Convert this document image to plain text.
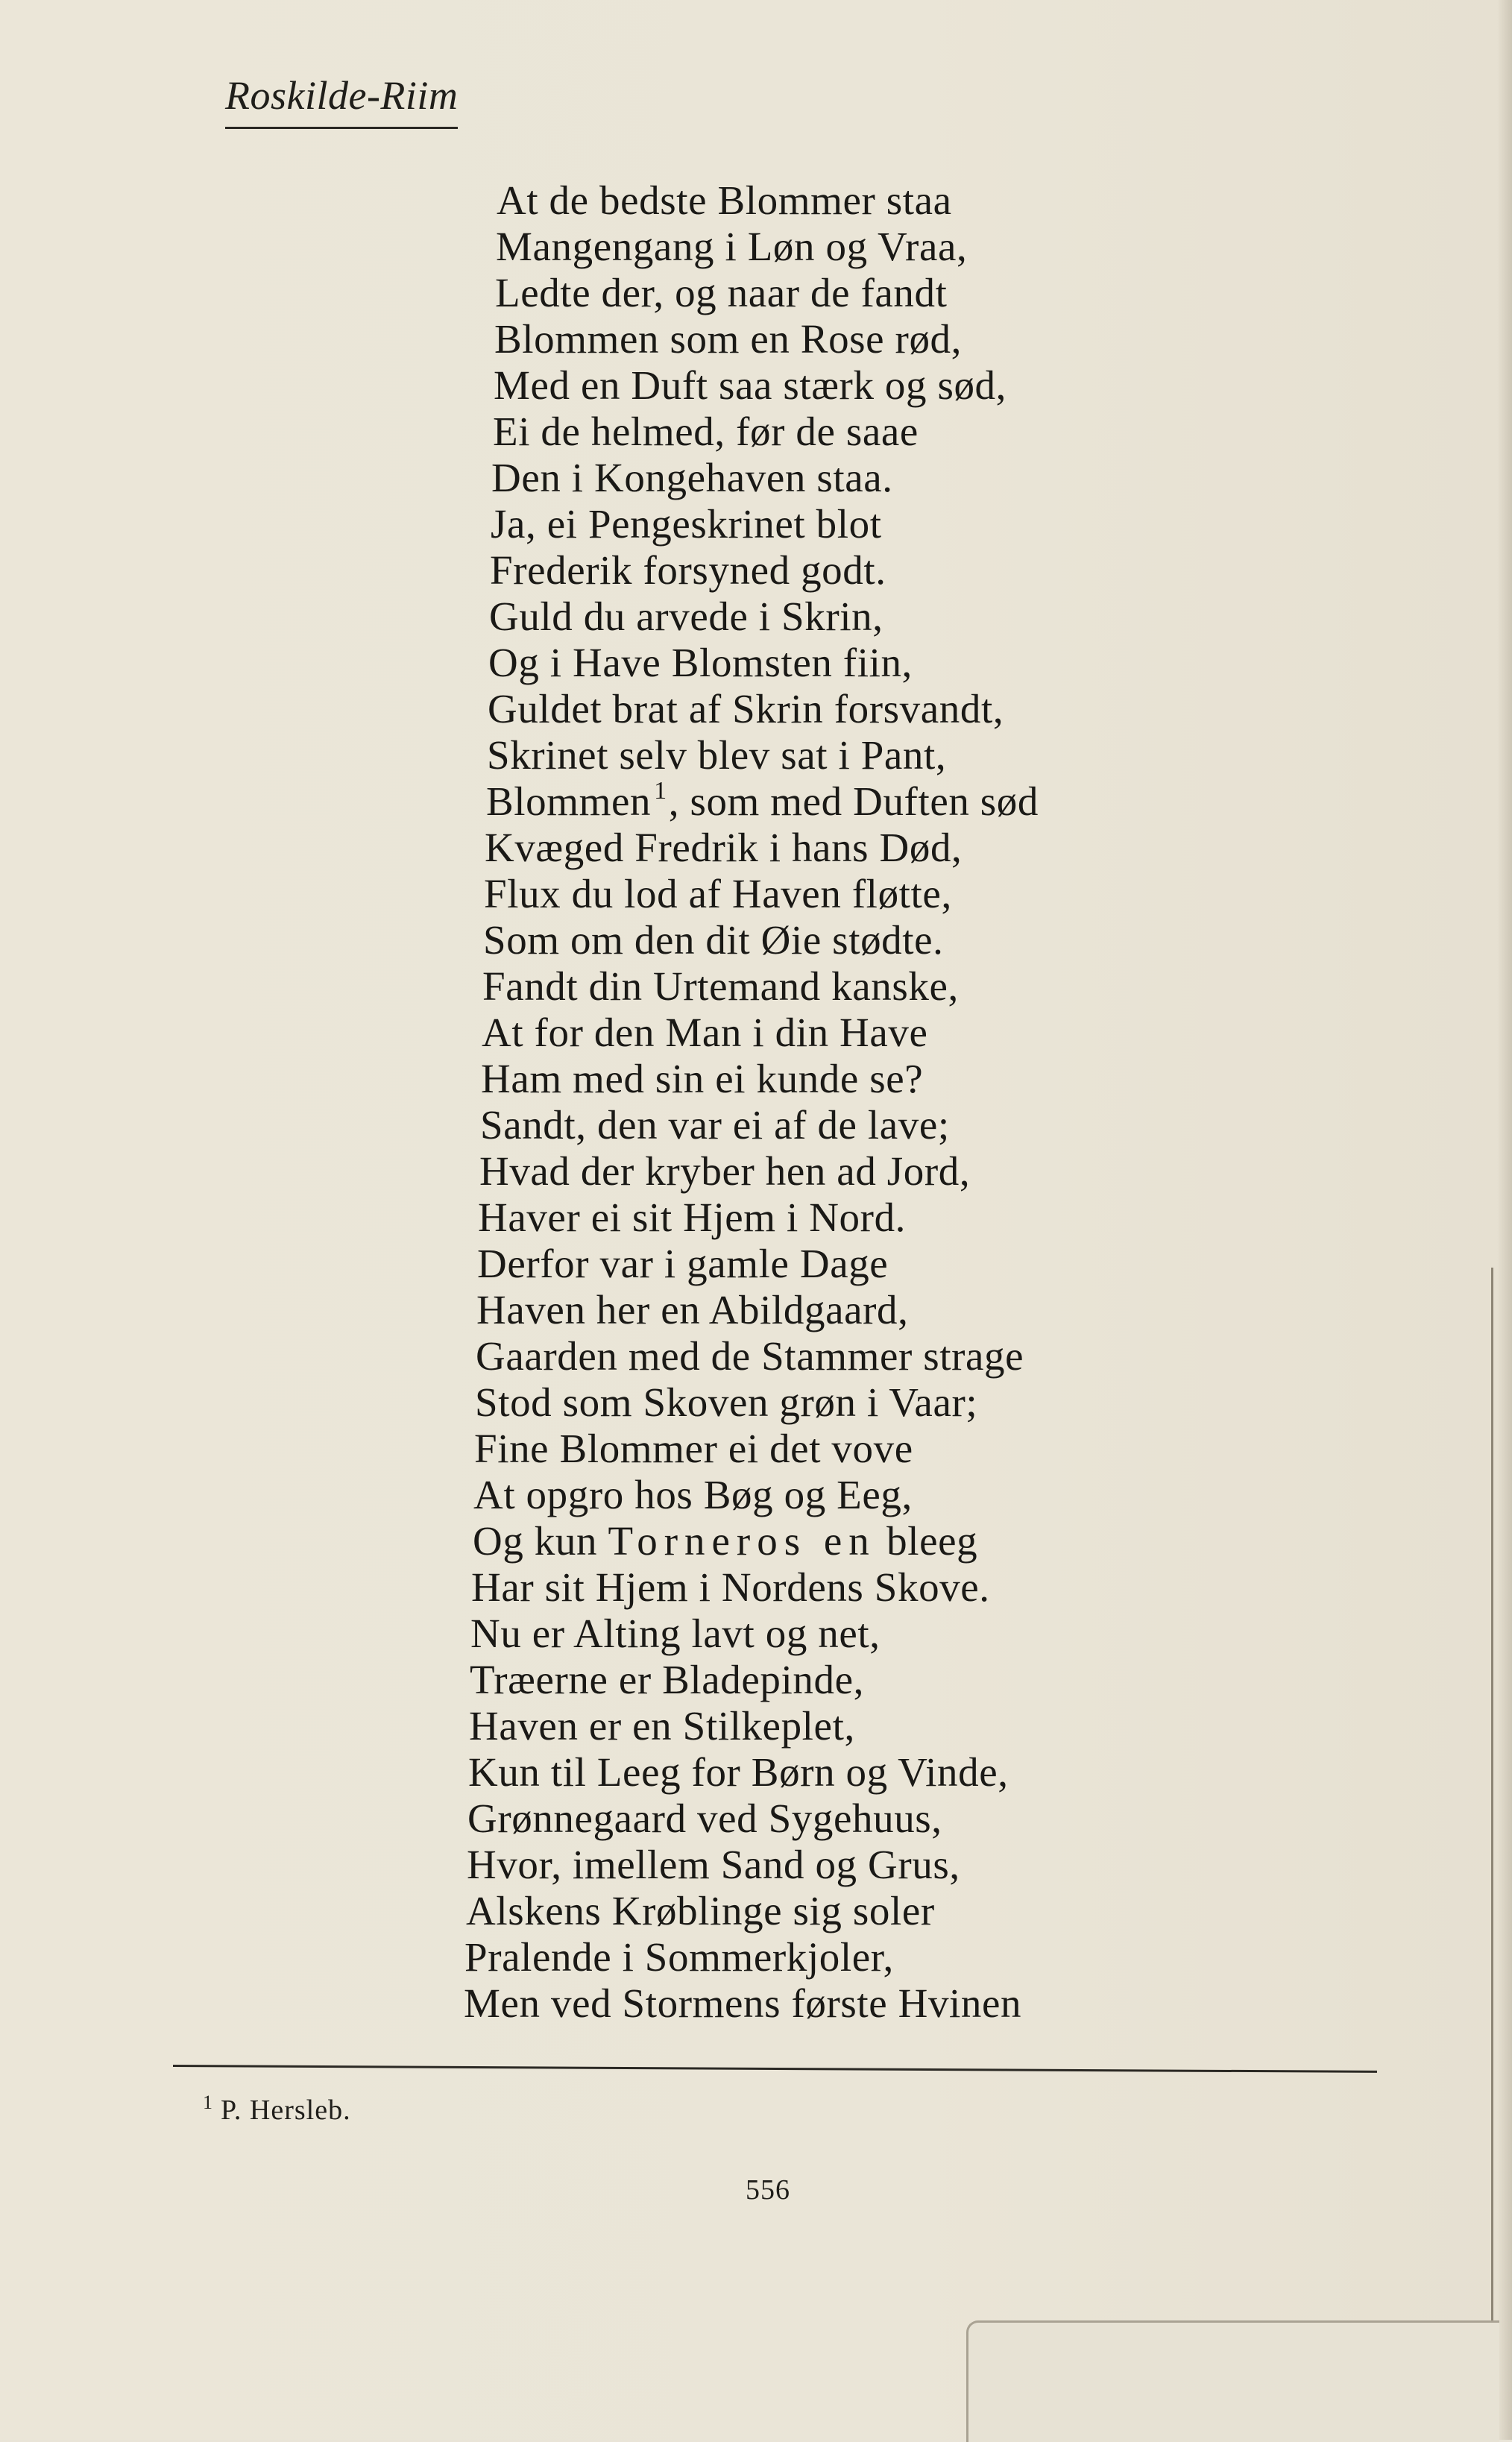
Roskilde-Riim
At de bedste Blommer staa
Mangengang i Løn og Vraa,
Ledte der, og naar de fandt
Blommen som en Rose rød,
Med en Duft saa stærk og sød,
Ei de helmed, før de saae
Den i Kongehaven staa.
Ja, ei Pengeskrinet blot
Frederik forsyned godt.
Guld du arvede i Skrin,
Og i Have Blomsten fiin,
Guldet brat af Skrin forsvandt,
Skrinet selv blev sat i Pant,
Blommen $^1$, som med Duften sød
Kvæged Fredrik i hans Død,
Flux du lod af Haven fløtte,
Som om den dit Øie stødte.
Fandt din Urtemand kanske,
At for den Man i din Have
Ham med sin ei kunde se?
Sandt, den var ei af de lave;
Hvad der kryber hen ad Jord,
Haver ei sit Hjem i Nord.
Derfor var i gamle Dage
Haven her en Abildgaard,
Gaarden med de Stammer strage
Stod som Skoven grøn i Vaar;
Fine Blommer ei det vove
At opgro hos Bøg og Eeg,
Og kun Torneros en bleeg
Har sit Hjem i Nordens Skove.
Nu er Alting lavt og net,
Træerne er Bladepinde,
Haven er en Stilkeplet,
Kun til Leeg for Børn og Vinde,
Grønnegaard ved Sygehuus,
Hvor, imellem Sand og Grus,
Alskens Krøblinge sig soler
Pralende i Sommerkjoler,
Men ved Stormens første Hvinen
$^1$ P. Hersleb.
556
